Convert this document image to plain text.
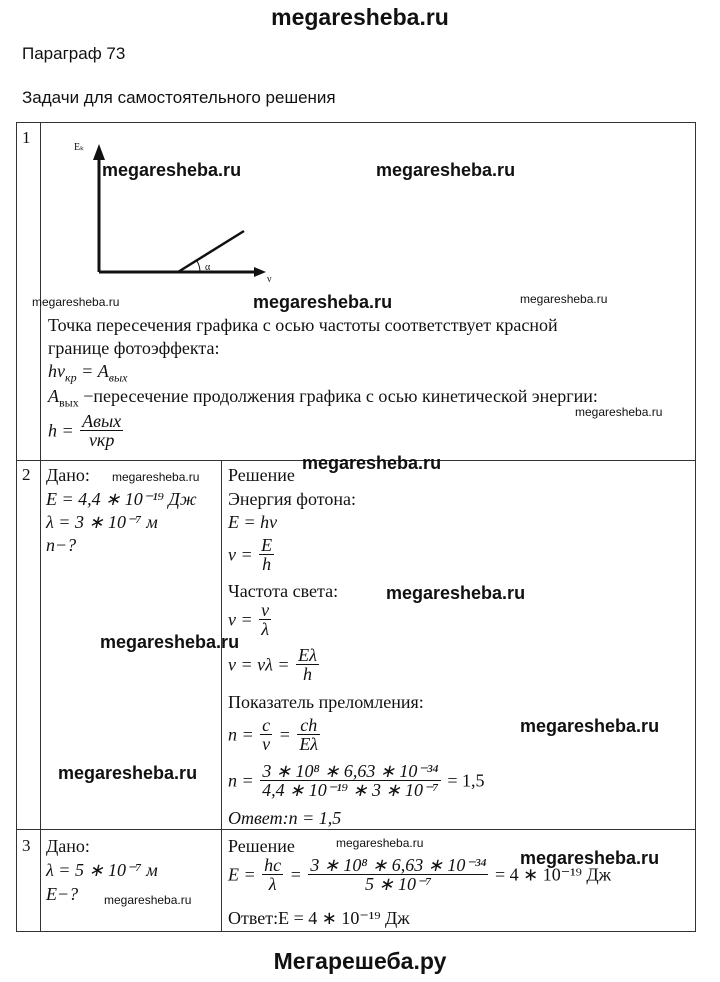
megaresheba.ru
Параграф 73
Задачи для самостоятельного решения
1
Eₖ
ν
α
Точка пересечения графика с осью частоты соответствует красной
границе фотоэффекта:
$h\nu_{кр} = A_{вых}$
$A_{вых}$ −пересечение продолжения графика с осью кинетической энергии:
$h = \frac{\text{Aвых}}{\text{νкр}}$
2 Дано:
E = 4,4 ∗ 10⁻¹⁹ Дж
λ = 3 ∗ 10⁻⁷ м
n−?
Решение
Энергия фотона:
E = hν
$\nu = \frac{E}{h}$
Частота света:
$\nu = \frac{v}{\lambda}$
$v = \nu\lambda = \frac{E\lambda}{h}$
Показатель преломления:
$n = \frac{c}{v} = \frac{ch}{E\lambda}$
$n = \frac{\text{3 ∗ 10⁸ ∗ 6,63 ∗ 10⁻³⁴}}{\text{4,4 ∗ 10⁻¹⁹ ∗ 3 ∗ 10⁻⁷}} = 1,5$
Ответ:n = 1,5
3 Дано:
λ = 5 ∗ 10⁻⁷ м
E−?
Решение
$E = \frac{hc}{\lambda} = \frac{\text{3 ∗ 10⁸ ∗ 6,63 ∗ 10⁻³⁴}}{\text{5 ∗ 10⁻⁷}} = 4$ ∗ 10⁻¹⁹ Дж
Ответ:E = 4 ∗ 10⁻¹⁹ Дж
megaresheba.ru	megaresheba.ru
megaresheba.ru	megaresheba.ru	megaresheba.ru
megaresheba.ru
megaresheba.ru
megaresheba.ru
megaresheba.ru
megaresheba.ru
megaresheba.ru
megaresheba.ru
megaresheba.ru
megaresheba.ru
megaresheba.ru
Мегарешеба.ру
